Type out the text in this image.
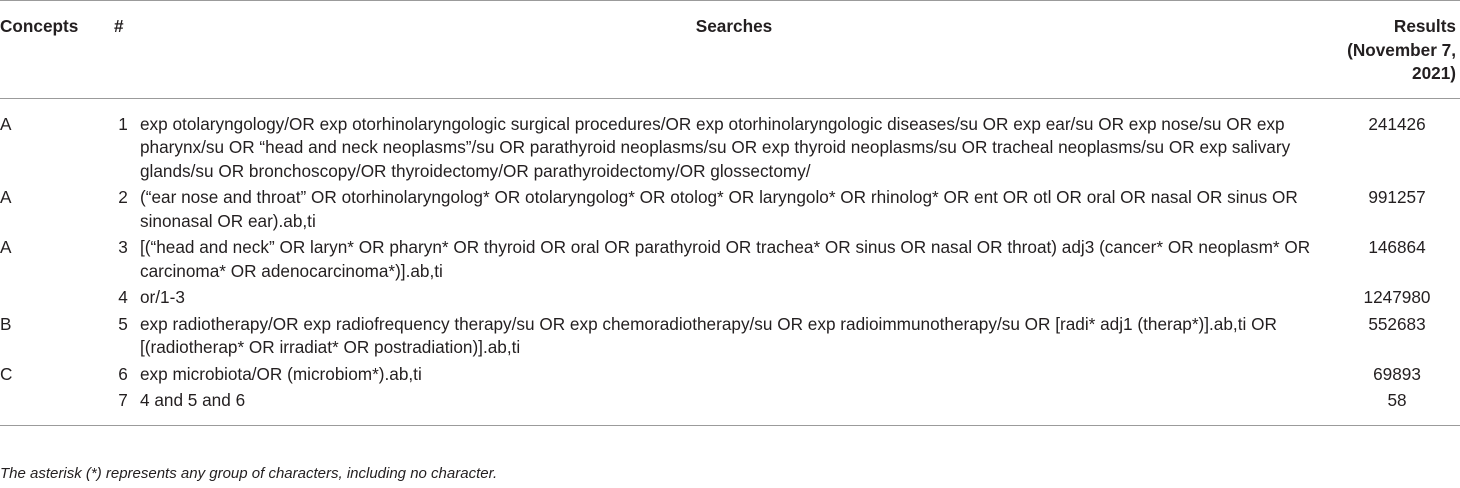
Concepts	#	Searches	Results (November 7, 2021)
A	1	exp otolaryngology/OR exp otorhinolaryngologic surgical procedures/OR exp otorhinolaryngologic diseases/su OR exp ear/su OR exp nose/su OR exp pharynx/su OR “head and neck neoplasms”/su OR parathyroid neoplasms/su OR exp thyroid neoplasms/su OR tracheal neoplasms/su OR exp salivary glands/su OR bronchoscopy/OR thyroidectomy/OR parathyroidectomy/OR glossectomy/	241426
A	2	(“ear nose and throat” OR otorhinolaryngolog* OR otolaryngolog* OR otolog* OR laryngolo* OR rhinolog* OR ent OR otl OR oral OR nasal OR sinus OR sinonasal OR ear).ab,ti	991257
A	3	[(“head and neck” OR laryn* OR pharyn* OR thyroid OR oral OR parathyroid OR trachea* OR sinus OR nasal OR throat) adj3 (cancer* OR neoplasm* OR carcinoma* OR adenocarcinoma*)].ab,ti	146864
	4	or/1-3	1247980
B	5	exp radiotherapy/OR exp radiofrequency therapy/su OR exp chemoradiotherapy/su OR exp radioimmunotherapy/su OR [radi* adj1 (therap*)].ab,ti OR [(radiotherap* OR irradiat* OR postradiation)].ab,ti	552683
C	6	exp microbiota/OR (microbiom*).ab,ti	69893
	7	4 and 5 and 6	58
The asterisk (*) represents any group of characters, including no character.
